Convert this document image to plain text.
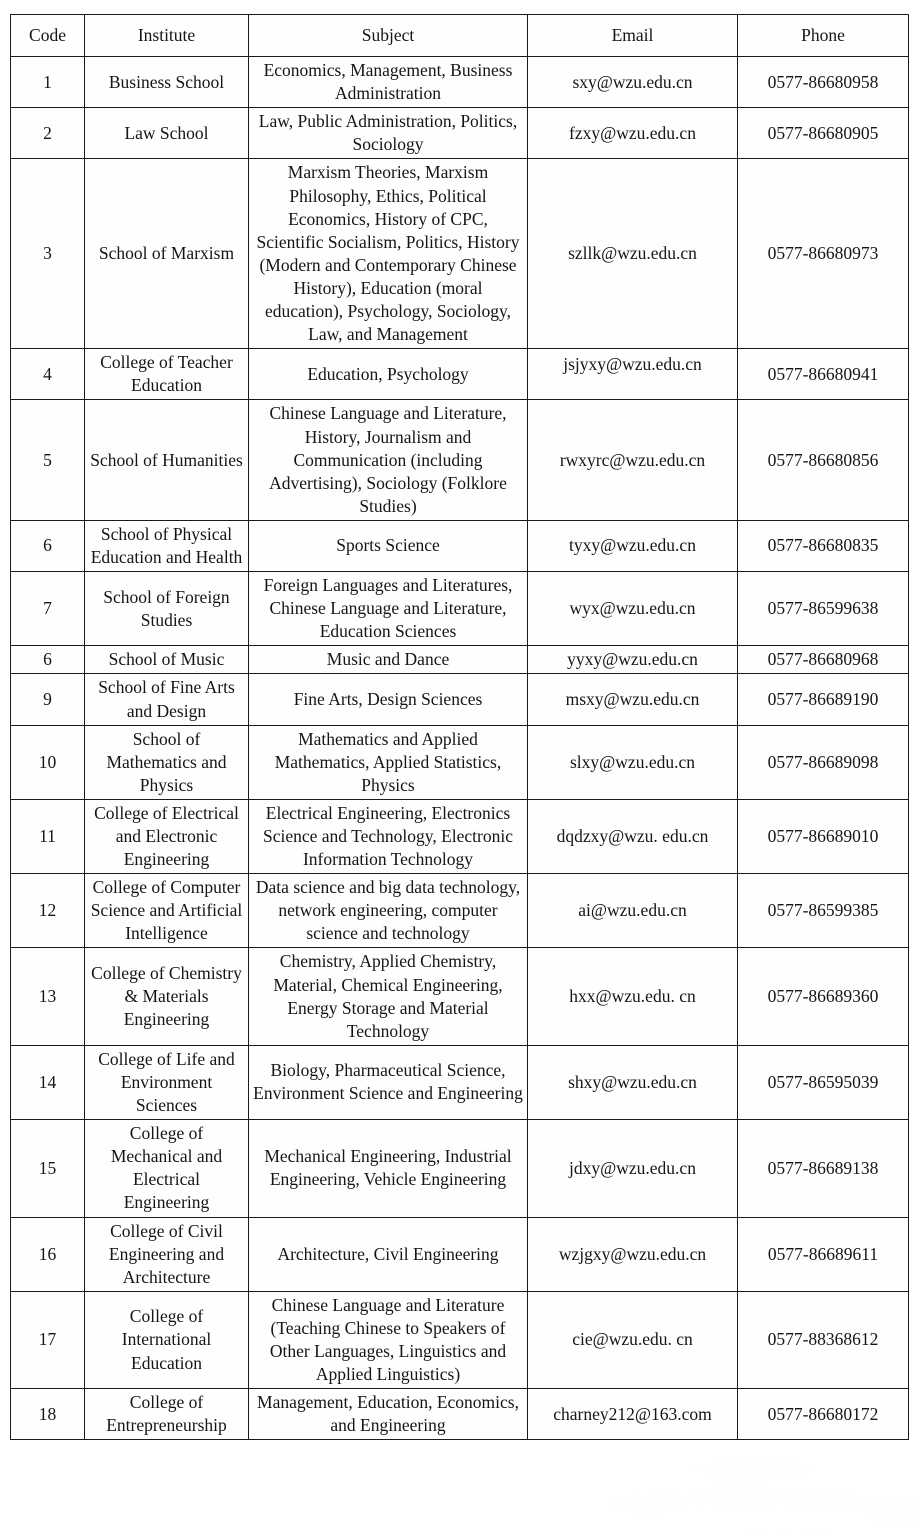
Code	Institute	Subject	Email	Phone
1	Business School	Economics, Management, Business Administration	sxy@wzu.edu.cn	0577-86680958
2	Law School	Law, Public Administration, Politics, Sociology	fzxy@wzu.edu.cn	0577-86680905
3	School of Marxism	Marxism Theories, Marxism Philosophy, Ethics, Political Economics, History of CPC, Scientific Socialism, Politics, History (Modern and Contemporary Chinese History), Education (moral education), Psychology, Sociology, Law, and Management	szllk@wzu.edu.cn	0577-86680973
4	College of Teacher Education	Education, Psychology	jsjyxy@wzu.edu.cn	0577-86680941
5	School of Humanities	Chinese Language and Literature, History, Journalism and Communication (including Advertising), Sociology (Folklore Studies)	rwxyrc@wzu.edu.cn	0577-86680856
6	School of Physical Education and Health	Sports Science	tyxy@wzu.edu.cn	0577-86680835
7	School of Foreign Studies	Foreign Languages and Literatures, Chinese Language and Literature, Education Sciences	wyx@wzu.edu.cn	0577-86599638
6	School of Music	Music and Dance	yyxy@wzu.edu.cn	0577-86680968
9	School of Fine Arts and Design	Fine Arts, Design Sciences	msxy@wzu.edu.cn	0577-86689190
10	School of Mathematics and Physics	Mathematics and Applied Mathematics, Applied Statistics, Physics	slxy@wzu.edu.cn	0577-86689098
11	College of Electrical and Electronic Engineering	Electrical Engineering, Electronics Science and Technology, Electronic Information Technology	dqdzxy@wzu. edu.cn	0577-86689010
12	College of Computer Science and Artificial Intelligence	Data science and big data technology, network engineering, computer science and technology	ai@wzu.edu.cn	0577-86599385
13	College of Chemistry & Materials Engineering	Chemistry, Applied Chemistry, Material, Chemical Engineering, Energy Storage and Material Technology	hxx@wzu.edu. cn	0577-86689360
14	College of Life and Environment Sciences	Biology, Pharmaceutical Science, Environment Science and Engineering	shxy@wzu.edu.cn	0577-86595039
15	College of Mechanical and Electrical Engineering	Mechanical Engineering, Industrial Engineering, Vehicle Engineering	jdxy@wzu.edu.cn	0577-86689138
16	College of Civil Engineering and Architecture	Architecture, Civil Engineering	wzjgxy@wzu.edu.cn	0577-86689611
17	College of International Education	Chinese Language and Literature (Teaching Chinese to Speakers of Other Languages, Linguistics and Applied Linguistics)	cie@wzu.edu. cn	0577-88368612
18	College of Entrepreneurship	Management, Education, Economics, and Engineering	charney212@163.com	0577-86680172
